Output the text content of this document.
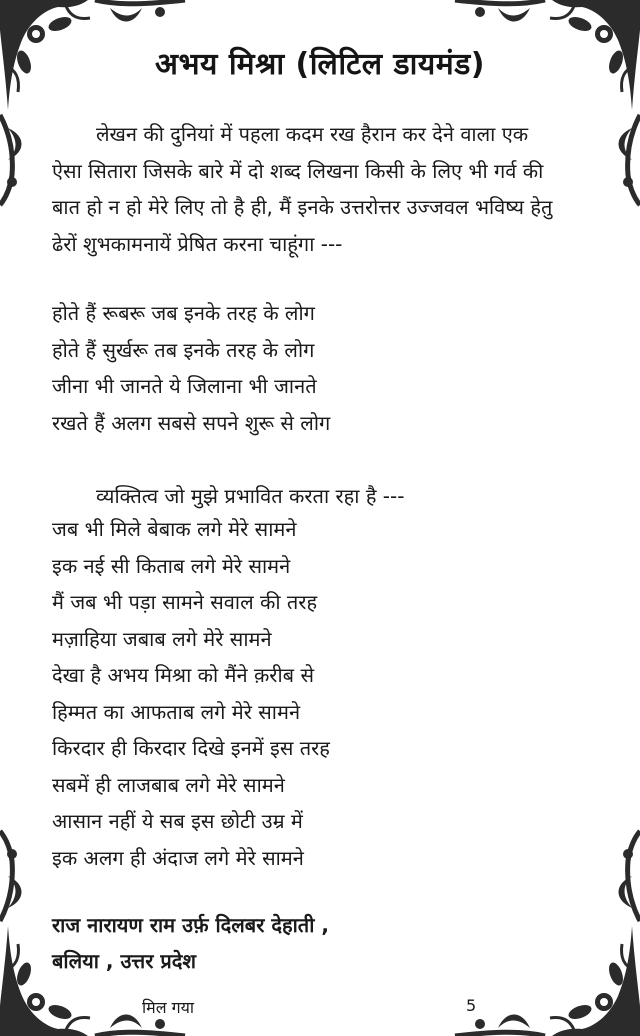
अभय मिश्रा (लिटिल डायमंड)
लेखन की दुनियां में पहला कदम रख हैरान कर देने वाला एक
ऐसा सितारा जिसके बारे में दो शब्द लिखना किसी के लिए भी गर्व की
बात हो न हो मेरे लिए तो है ही, मैं इनके उत्तरोत्तर उज्जवल भविष्य हेतु
ढेरों शुभकामनायें प्रेषित करना चाहूंगा ---
होते हैं रूबरू जब इनके तरह के लोग
होते हैं सुर्खरू तब इनके तरह के लोग
जीना भी जानते ये जिलाना भी जानते
रखते हैं अलग सबसे सपने शुरू से लोग
व्यक्तित्व जो मुझे प्रभावित करता रहा है ---
जब भी मिले बेबाक लगे मेरे सामने
इक नई सी किताब लगे मेरे सामने
मैं जब भी पड़ा सामने सवाल की तरह
मज़ाहिया जबाब लगे मेरे सामने
देखा है अभय मिश्रा को मैंने क़रीब से
हिम्मत का आफताब लगे मेरे सामने
किरदार ही किरदार दिखे इनमें इस तरह
सबमें ही लाजबाब लगे मेरे सामने
आसान नहीं ये सब इस छोटी उम्र में
इक अलग ही अंदाज लगे मेरे सामने
राज नारायण राम उर्फ़ दिलबर देहाती ,
बलिया , उत्तर प्रदेश
मिल गया	5
